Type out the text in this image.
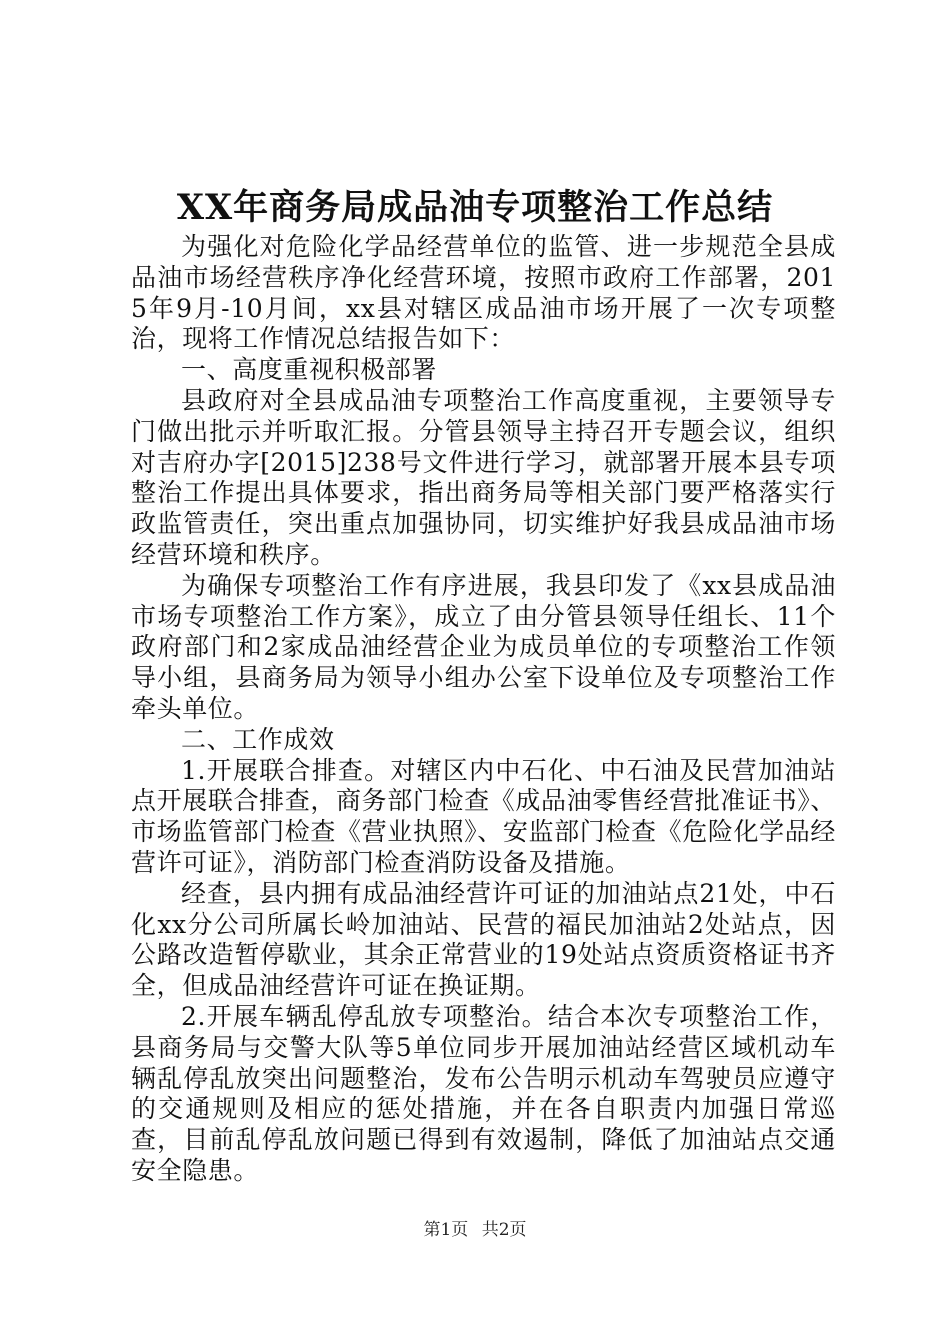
XX年商务局成品油专项整治工作总结

为强化对危险化学品经营单位的监管、进一步规范全县成品油市场经营秩序净化经营环境，按照市政府工作部署，2015年9月-10月间，xx县对辖区成品油市场开展了一次专项整治，现将工作情况总结报告如下：

一、高度重视积极部署

县政府对全县成品油专项整治工作高度重视，主要领导专门做出批示并听取汇报。分管县领导主持召开专题会议，组织对吉府办字[2015]238号文件进行学习，就部署开展本县专项整治工作提出具体要求，指出商务局等相关部门要严格落实行政监管责任，突出重点加强协同，切实维护好我县成品油市场经营环境和秩序。

为确保专项整治工作有序进展，我县印发了《xx县成品油市场专项整治工作方案》，成立了由分管县领导任组长、11个政府部门和2家成品油经营企业为成员单位的专项整治工作领导小组，县商务局为领导小组办公室下设单位及专项整治工作牵头单位。

二、工作成效

1.开展联合排查。对辖区内中石化、中石油及民营加油站点开展联合排查，商务部门检查《成品油零售经营批准证书》、市场监管部门检查《营业执照》、安监部门检查《危险化学品经营许可证》，消防部门检查消防设备及措施。

经查，县内拥有成品油经营许可证的加油站点21处，中石化xx分公司所属长岭加油站、民营的福民加油站2处站点，因公路改造暂停歇业，其余正常营业的19处站点资质资格证书齐全，但成品油经营许可证在换证期。

2.开展车辆乱停乱放专项整治。结合本次专项整治工作，县商务局与交警大队等5单位同步开展加油站经营区域机动车辆乱停乱放突出问题整治，发布公告明示机动车驾驶员应遵守的交通规则及相应的惩处措施，并在各自职责内加强日常巡查，目前乱停乱放问题已得到有效遏制，降低了加油站点交通安全隐患。

第1页 共2页
